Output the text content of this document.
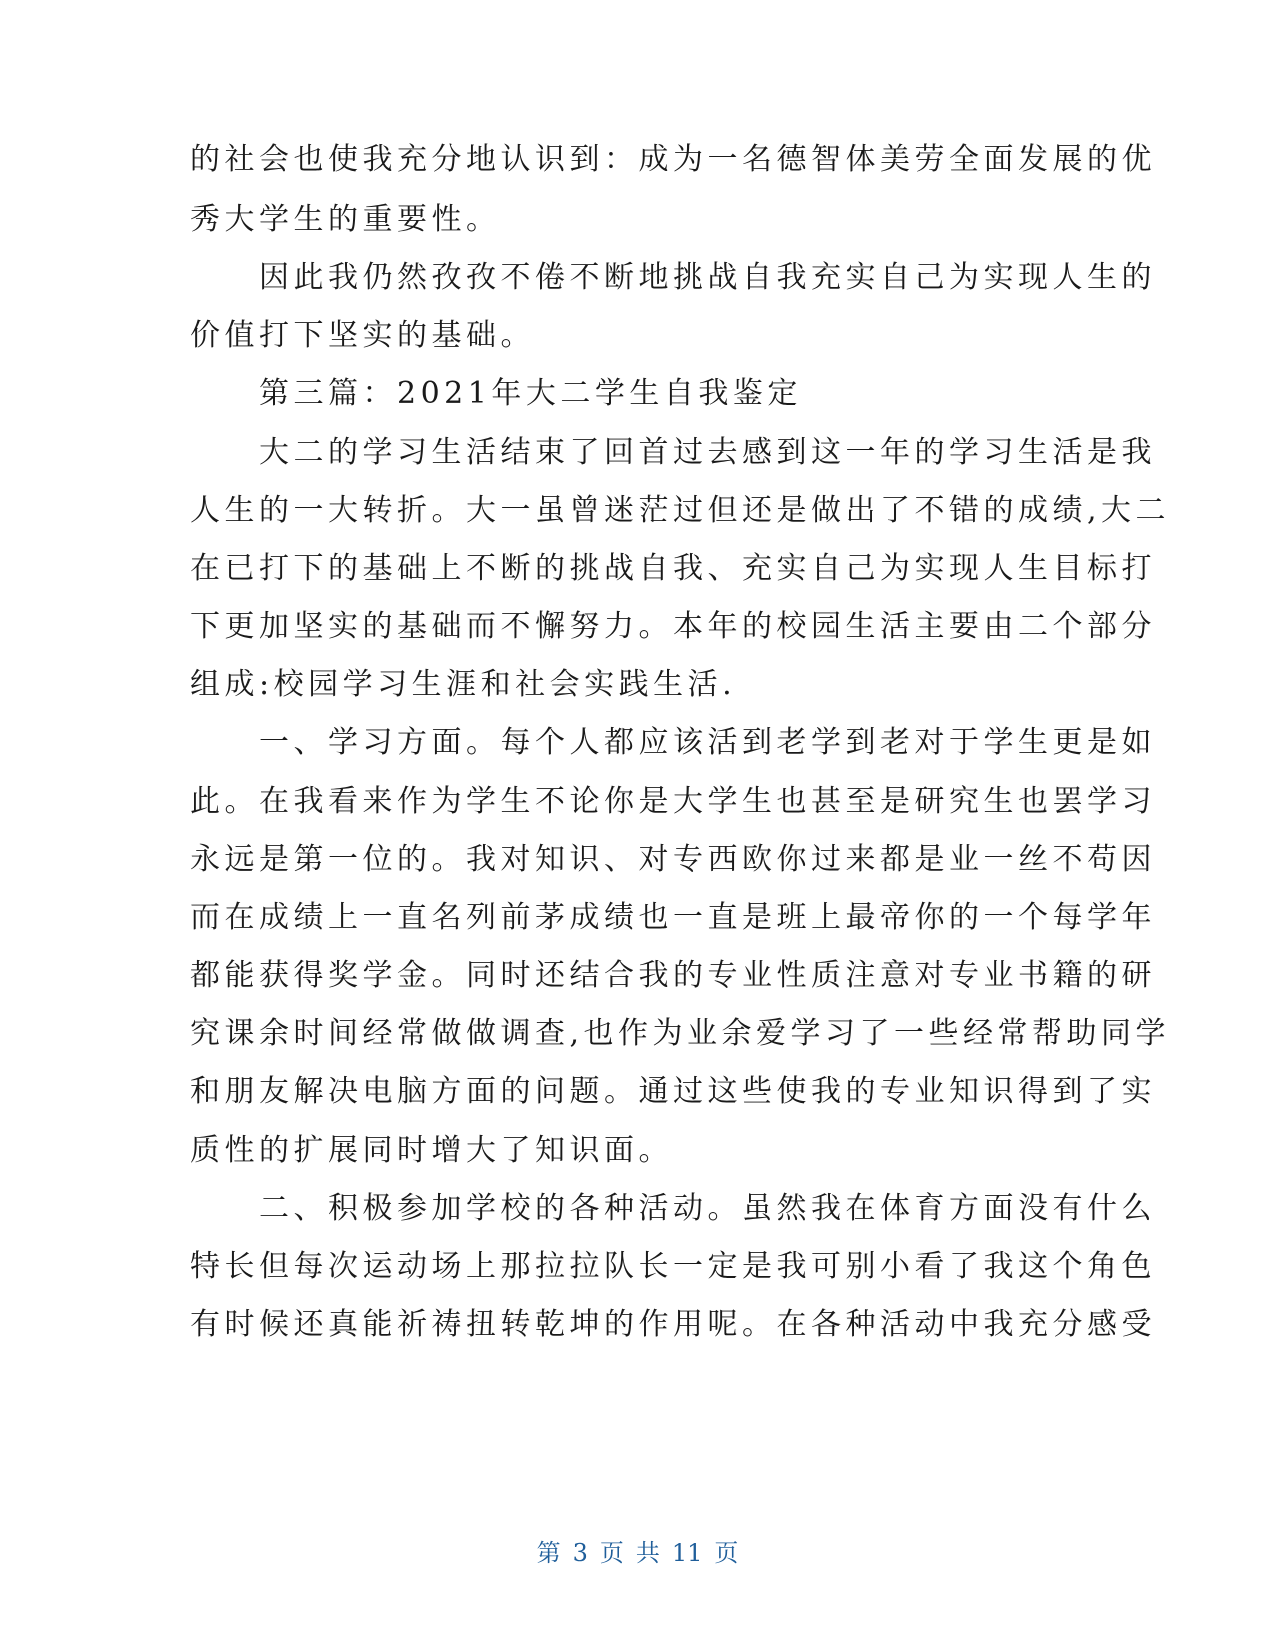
的社会也使我充分地认识到：成为一名德智体美劳全面发展的优
秀大学生的重要性。
　　因此我仍然孜孜不倦不断地挑战自我充实自己为实现人生的
价值打下坚实的基础。
　　第三篇：2021年大二学生自我鉴定
　　大二的学习生活结束了回首过去感到这一年的学习生活是我
人生的一大转折。大一虽曾迷茫过但还是做出了不错的成绩,大二
在已打下的基础上不断的挑战自我、充实自己为实现人生目标打
下更加坚实的基础而不懈努力。本年的校园生活主要由二个部分
组成:校园学习生涯和社会实践生活.
　　一、学习方面。每个人都应该活到老学到老对于学生更是如
此。在我看来作为学生不论你是大学生也甚至是研究生也罢学习
永远是第一位的。我对知识、对专西欧你过来都是业一丝不苟因
而在成绩上一直名列前茅成绩也一直是班上最帝你的一个每学年
都能获得奖学金。同时还结合我的专业性质注意对专业书籍的研
究课余时间经常做做调查,也作为业余爱学习了一些经常帮助同学
和朋友解决电脑方面的问题。通过这些使我的专业知识得到了实
质性的扩展同时增大了知识面。
　　二、积极参加学校的各种活动。虽然我在体育方面没有什么
特长但每次运动场上那拉拉队长一定是我可别小看了我这个角色
有时候还真能祈祷扭转乾坤的作用呢。在各种活动中我充分感受
第 3 页 共 11 页
